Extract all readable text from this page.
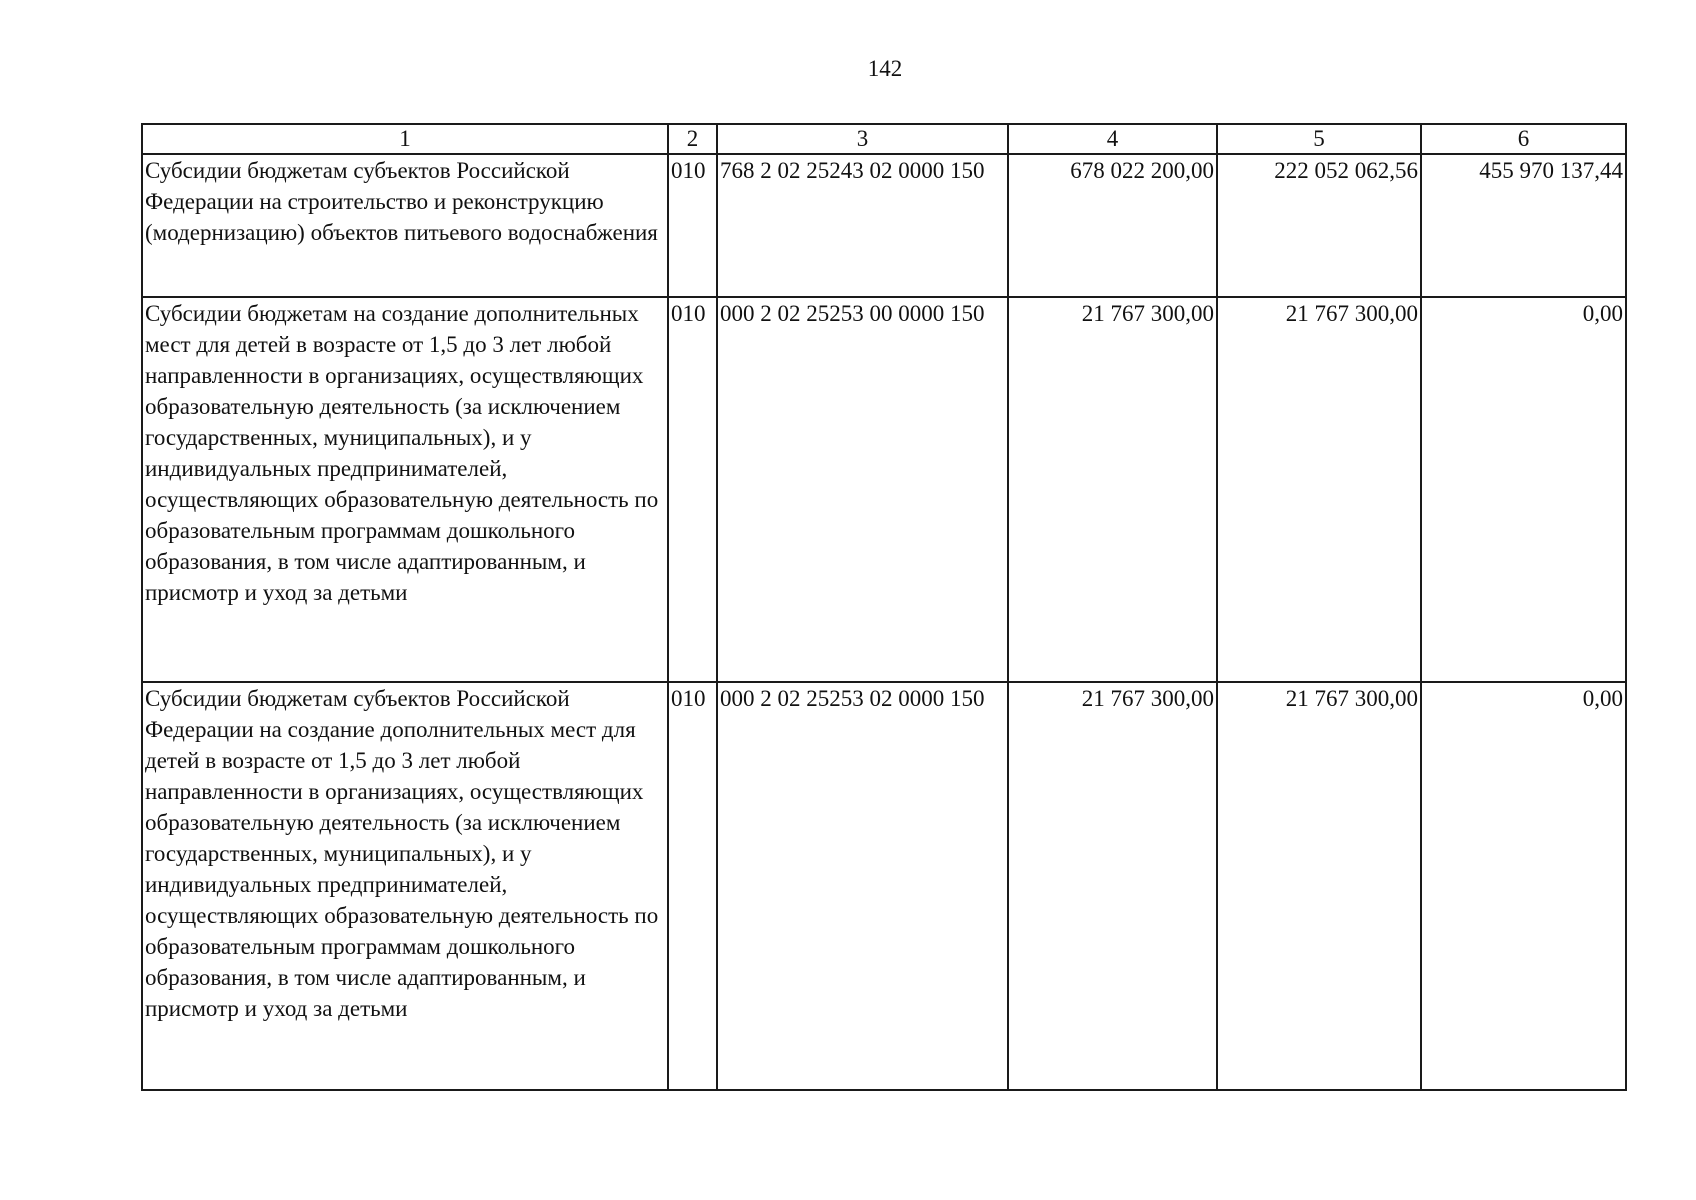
142
1	2	3	4	5	6
Субсидии бюджетам субъектов Российской Федерации на строительство и реконструкцию (модернизацию) объектов питьевого водоснабжения	010	768 2 02 25243 02 0000 150	678 022 200,00	222 052 062,56	455 970 137,44
Субсидии бюджетам на создание дополнительных мест для детей в возрасте от 1,5 до 3 лет любой направленности в организациях, осуществляющих образовательную деятельность (за исключением государственных, муниципальных), и у индивидуальных предпринимателей, осуществляющих образовательную деятельность по образовательным программам дошкольного образования, в том числе адаптированным, и присмотр и уход за детьми	010	000 2 02 25253 00 0000 150	21 767 300,00	21 767 300,00	0,00
Субсидии бюджетам субъектов Российской Федерации на создание дополнительных мест для детей в возрасте от 1,5 до 3 лет любой направленности в организациях, осуществляющих образовательную деятельность (за исключением государственных, муниципальных), и у индивидуальных предпринимателей, осуществляющих образовательную деятельность по образовательным программам дошкольного образования, в том числе адаптированным, и присмотр и уход за детьми	010	000 2 02 25253 02 0000 150	21 767 300,00	21 767 300,00	0,00
